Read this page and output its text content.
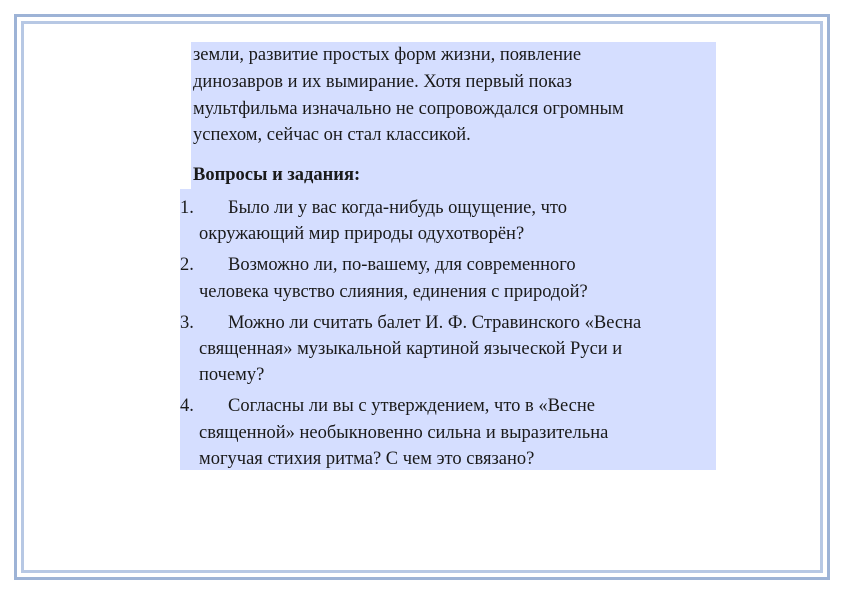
земли, развитие простых форм жизни, появление
динозавров и их вымирание. Хотя первый показ
мультфильма изначально не сопровождался огромным
успехом, сейчас он стал классикой.
Вопросы и задания:
1. Было ли у вас когда-нибудь ощущение, что
окружающий мир природы одухотворён?
2. Возможно ли, по-вашему, для современного
человека чувство слияния, единения с природой?
3. Можно ли считать балет И. Ф. Стравинского «Весна
священная» музыкальной картиной языческой Руси и
почему?
4. Согласны ли вы с утверждением, что в «Весне
священной» необыкновенно сильна и выразительна
могучая стихия ритма? С чем это связано?
